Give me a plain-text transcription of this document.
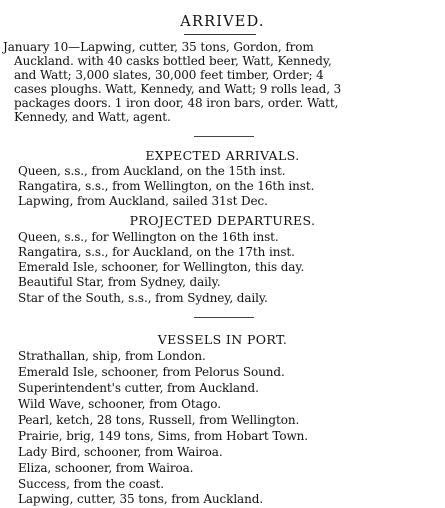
ARRIVED.
January 10—Lapwing, cutter, 35 tons, Gordon, from
Auckland. with 40 casks bottled beer, Watt, Kennedy,
and Watt; 3,000 slates, 30,000 feet timber, Order; 4
cases ploughs. Watt, Kennedy, and Watt; 9 rolls lead, 3
packages doors. 1 iron door, 48 iron bars, order. Watt,
Kennedy, and Watt, agent.
EXPECTED ARRIVALS.
Queen, s.s., from Auckland, on the 15th inst.
Rangatira, s.s., from Wellington, on the 16th inst.
Lapwing, from Auckland, sailed 31st Dec.
PROJECTED DEPARTURES.
Queen, s.s., for Wellington on the 16th inst.
Rangatira, s.s., for Auckland, on the 17th inst.
Emerald Isle, schooner, for Wellington, this day.
Beautiful Star, from Sydney, daily.
Star of the South, s.s., from Sydney, daily.
VESSELS IN PORT.
Strathallan, ship, from London.
Emerald Isle, schooner, from Pelorus Sound.
Superintendent's cutter, from Auckland.
Wild Wave, schooner, from Otago.
Pearl, ketch, 28 tons, Russell, from Wellington.
Prairie, brig, 149 tons, Sims, from Hobart Town.
Lady Bird, schooner, from Wairoa.
Eliza, schooner, from Wairoa.
Success, from the coast.
Lapwing, cutter, 35 tons, from Auckland.
